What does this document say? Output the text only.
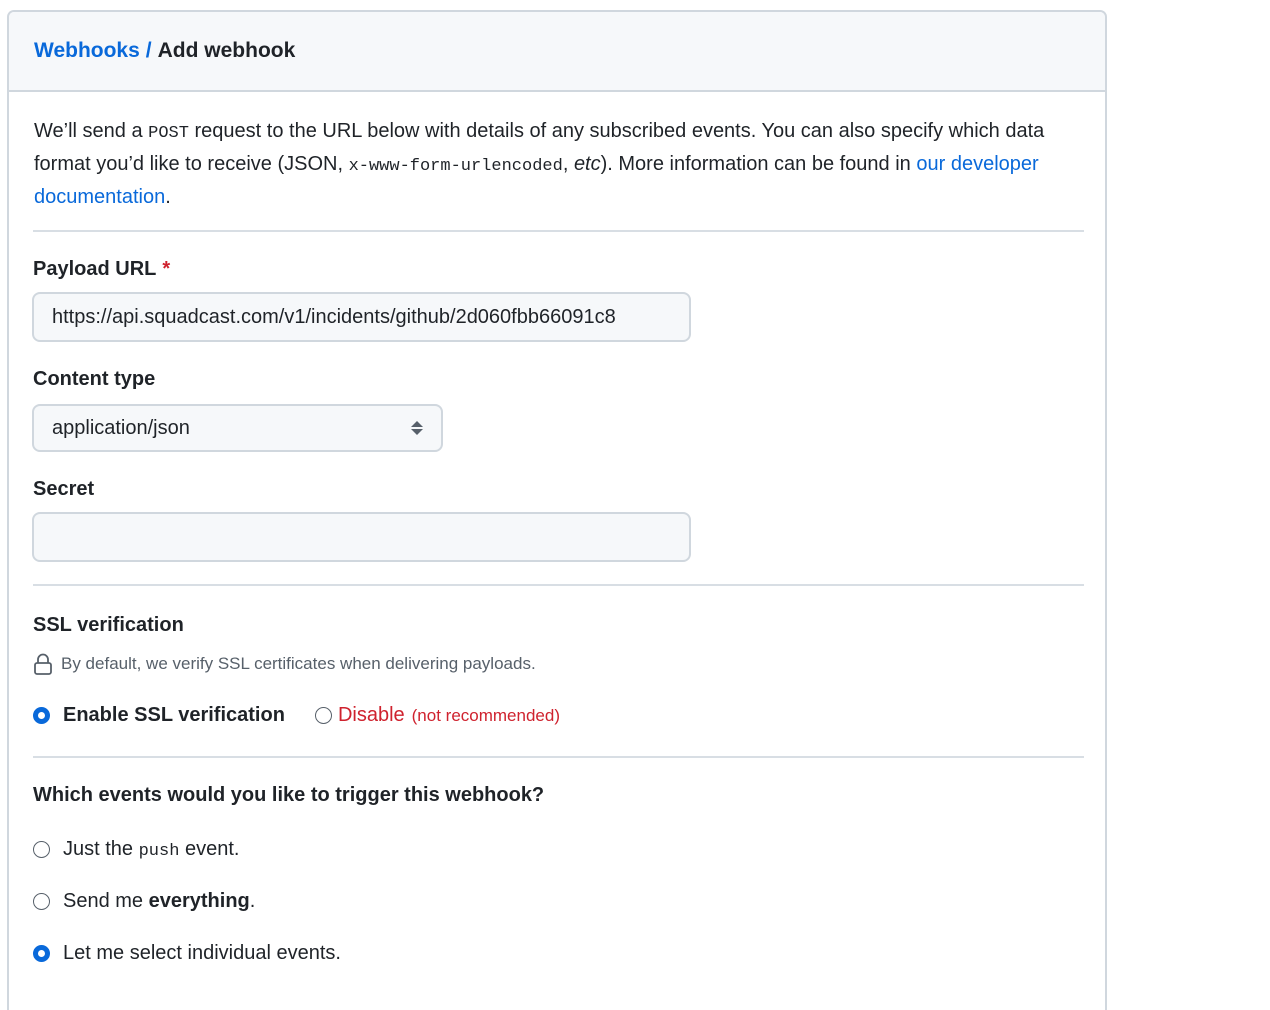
Webhooks / Add webhook
We’ll send a POST request to the URL below with details of any subscribed events. You can also specify which data format you’d like to receive (JSON, x-www-form-urlencoded, etc). More information can be found in our developer documentation.
Payload URL *
https://api.squadcast.com/v1/incidents/github/2d060fbb66091c8
Content type
application/json
Secret
SSL verification
By default, we verify SSL certificates when delivering payloads.
Enable SSL verification	Disable (not recommended)
Which events would you like to trigger this webhook?
Just the push event.
Send me everything.
Let me select individual events.
